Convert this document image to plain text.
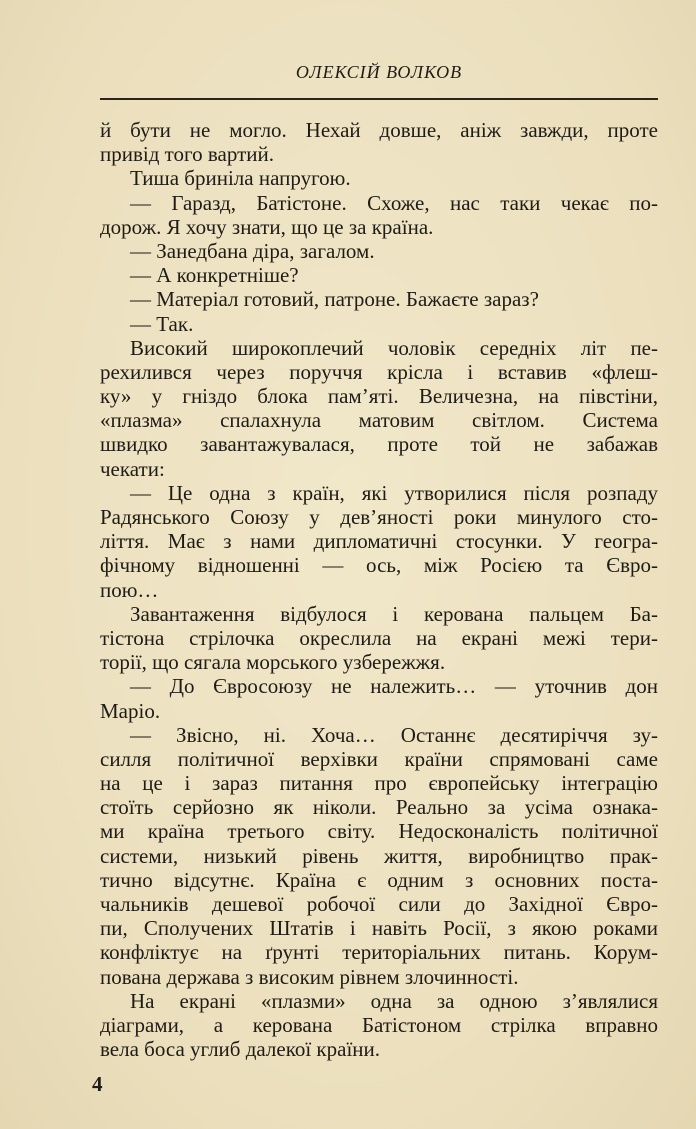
ОЛЕКСІЙ ВОЛКОВ
й бути не могло. Нехай довше, аніж завжди, проте
привід того вартий.
Тиша бриніла напругою.
— Гаразд, Батістоне. Схоже, нас таки чекає по-
дорож. Я хочу знати, що це за країна.
— Занедбана діра, загалом.
— А конкретніше?
— Матеріал готовий, патроне. Бажаєте зараз?
— Так.
Високий широкоплечий чоловік середніх літ пе-
рехилився через поруччя крісла і вставив «флеш-
ку» у гніздо блока пам’яті. Величезна, на півстіни,
«плазма» спалахнула матовим світлом. Система
швидко завантажувалася, проте той не забажав
чекати:
— Це одна з країн, які утворилися після розпаду
Радянського Союзу у дев’яності роки минулого сто-
ліття. Має з нами дипломатичні стосунки. У геогра-
фічному відношенні — ось, між Росією та Євро-
пою…
Завантаження відбулося і керована пальцем Ба-
тістона стрілочка окреслила на екрані межі тери-
торії, що сягала морського узбережжя.
— До Євросоюзу не належить… — уточнив дон
Маріо.
— Звісно, ні. Хоча… Останнє десятиріччя зу-
силля політичної верхівки країни спрямовані саме
на це і зараз питання про європейську інтеграцію
стоїть серйозно як ніколи. Реально за усіма ознака-
ми країна третього світу. Недосконалість політичної
системи, низький рівень життя, виробництво прак-
тично відсутнє. Країна є одним з основних поста-
чальників дешевої робочої сили до Західної Євро-
пи, Сполучених Штатів і навіть Росії, з якою роками
конфліктує на ґрунті територіальних питань. Корум-
пована держава з високим рівнем злочинності.
На екрані «плазми» одна за одною з’являлися
діаграми, а керована Батістоном стрілка вправно
вела боса углиб далекої країни.
4
